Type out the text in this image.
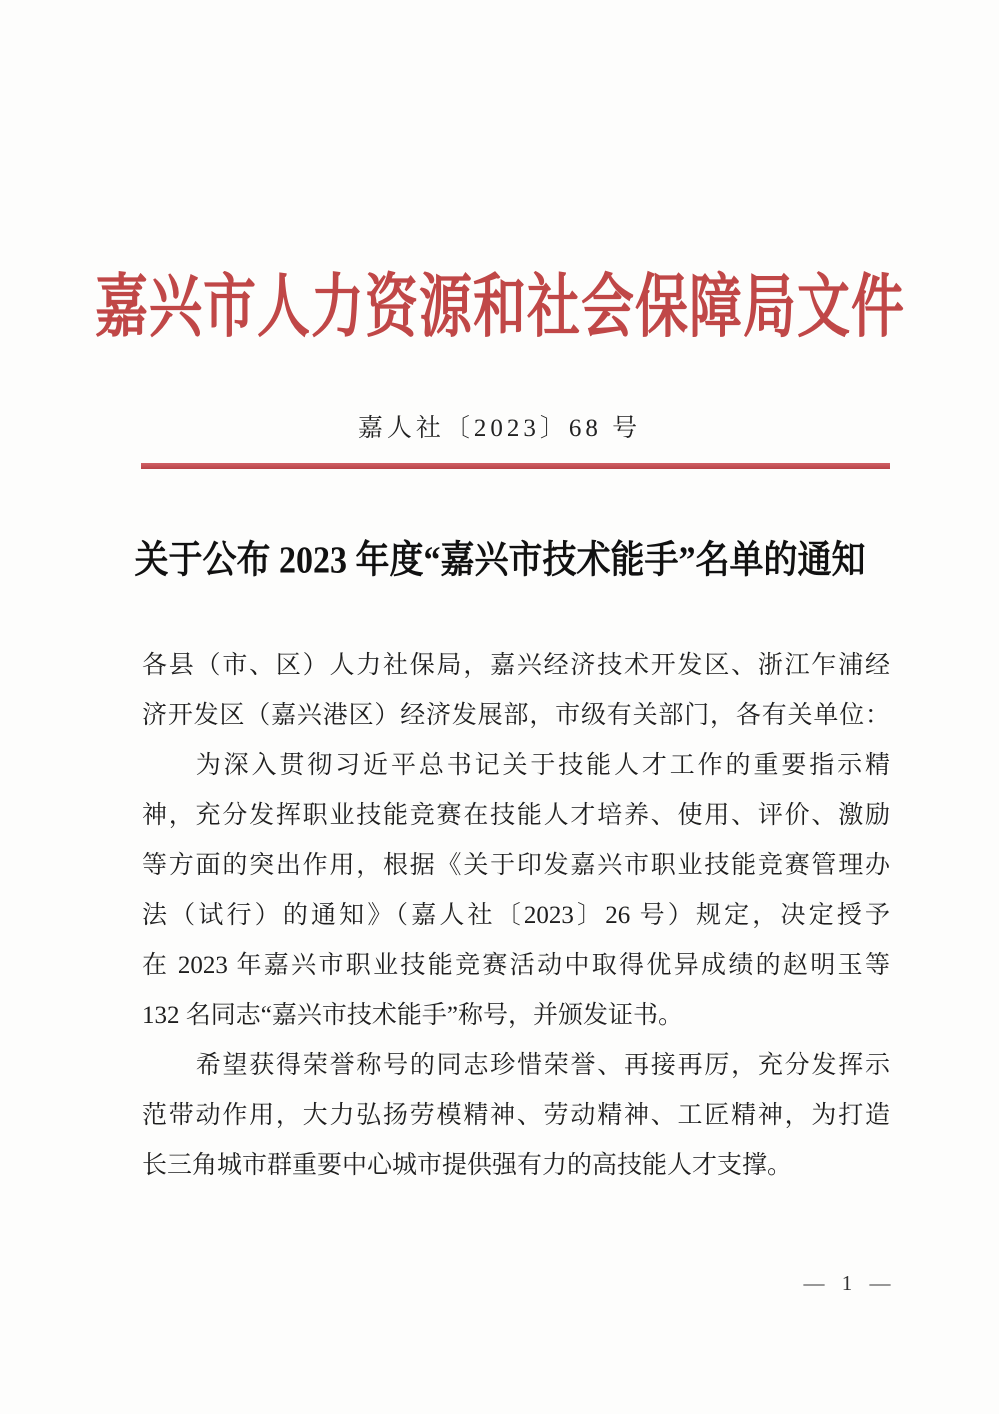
嘉兴市人力资源和社会保障局文件
嘉人社〔2023〕68 号
关于公布 2023 年度“嘉兴市技术能手”名单的通知
各县（市、区）人力社保局，嘉兴经济技术开发区、浙江乍浦经
济开发区（嘉兴港区）经济发展部，市级有关部门，各有关单位：
为深入贯彻习近平总书记关于技能人才工作的重要指示精
神，充分发挥职业技能竞赛在技能人才培养、使用、评价、激励
等方面的突出作用，根据《关于印发嘉兴市职业技能竞赛管理办
法（试行）的通知》（嘉人社〔2023〕26 号）规定，决定授予
在 2023 年嘉兴市职业技能竞赛活动中取得优异成绩的赵明玉等
132 名同志“嘉兴市技术能手”称号，并颁发证书。
希望获得荣誉称号的同志珍惜荣誉、再接再厉，充分发挥示
范带动作用，大力弘扬劳模精神、劳动精神、工匠精神，为打造
长三角城市群重要中心城市提供强有力的高技能人才支撑。
— 1 —
